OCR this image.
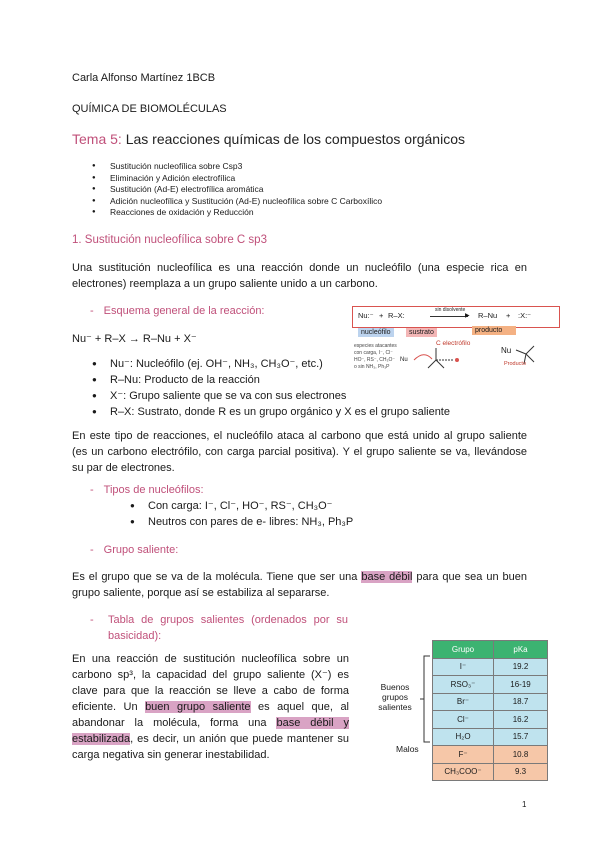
Carla Alfonso Martínez 1BCB
QUÍMICA DE BIOMOLÉCULAS
Tema 5: Las reacciones químicas de los compuestos orgánicos
● Sustitución nucleofílica sobre Csp3
● Eliminación y Adición electrofílica
● Sustitución (Ad-E) electrofílica aromática
● Adición nucleofílica y Sustitución (Ad-E) nucleofílica sobre C Carboxílico
● Reacciones de oxidación y Reducción
1. Sustitución nucleofílica sobre C sp3
Una sustitución nucleofílica es una reacción donde un nucleófilo (una especie rica en electrones) reemplaza a un grupo saliente unido a un carbono.
- Esquema general de la reacción:
Nu⁻ + R–X → R–Nu + X⁻
● Nu⁻: Nucleófilo (ej. OH⁻, NH₃, CH₃O⁻, etc.)
● R–Nu: Producto de la reacción
● X⁻: Grupo saliente que se va con sus electrones
● R–X: Sustrato, donde R es un grupo orgánico y X es el grupo saliente
Nu:⁻ + R–X:
sin disolvente
▶ R–Nu + :X:⁻
nucleófilo	sustrato	producto
especies atacantes
con carga, I⁻, Cl⁻
HO⁻, RS⁻, CH₃O⁻
o sin NH₃, Ph₃P
Nu
C electrófilo
Nu
Producto
En este tipo de reacciones, el nucleófilo ataca al carbono que está unido al grupo saliente (es un carbono electrófilo, con carga parcial positiva). Y el grupo saliente se va, llevándose su par de electrones.
- Tipos de nucleófilos:
● Con carga: I⁻, Cl⁻, HO⁻, RS⁻, CH₃O⁻
● Neutros con pares de e- libres: NH₃, Ph₃P
- Grupo saliente:
Es el grupo que se va de la molécula. Tiene que ser una base débil para que sea un buen grupo saliente, porque así se estabiliza al separarse.
- Tabla de grupos salientes (ordenados por su basicidad):
En una reacción de sustitución nucleofílica sobre un carbono sp³, la capacidad del grupo saliente (X⁻) es clave para que la reacción se lleve a cabo de forma eficiente. Un buen grupo saliente es aquel que, al abandonar la molécula, forma una base débil y estabilizada, es decir, un anión que puede mantener su carga negativa sin generar inestabilidad.
Buenos grupos salientes
Malos
Grupo	pKa
I⁻	19.2
RSO₃⁻	16-19
Br⁻	18.7
Cl⁻	16.2
H₂O	15.7
F⁻	10.8
CH₃COO⁻	9.3
1
